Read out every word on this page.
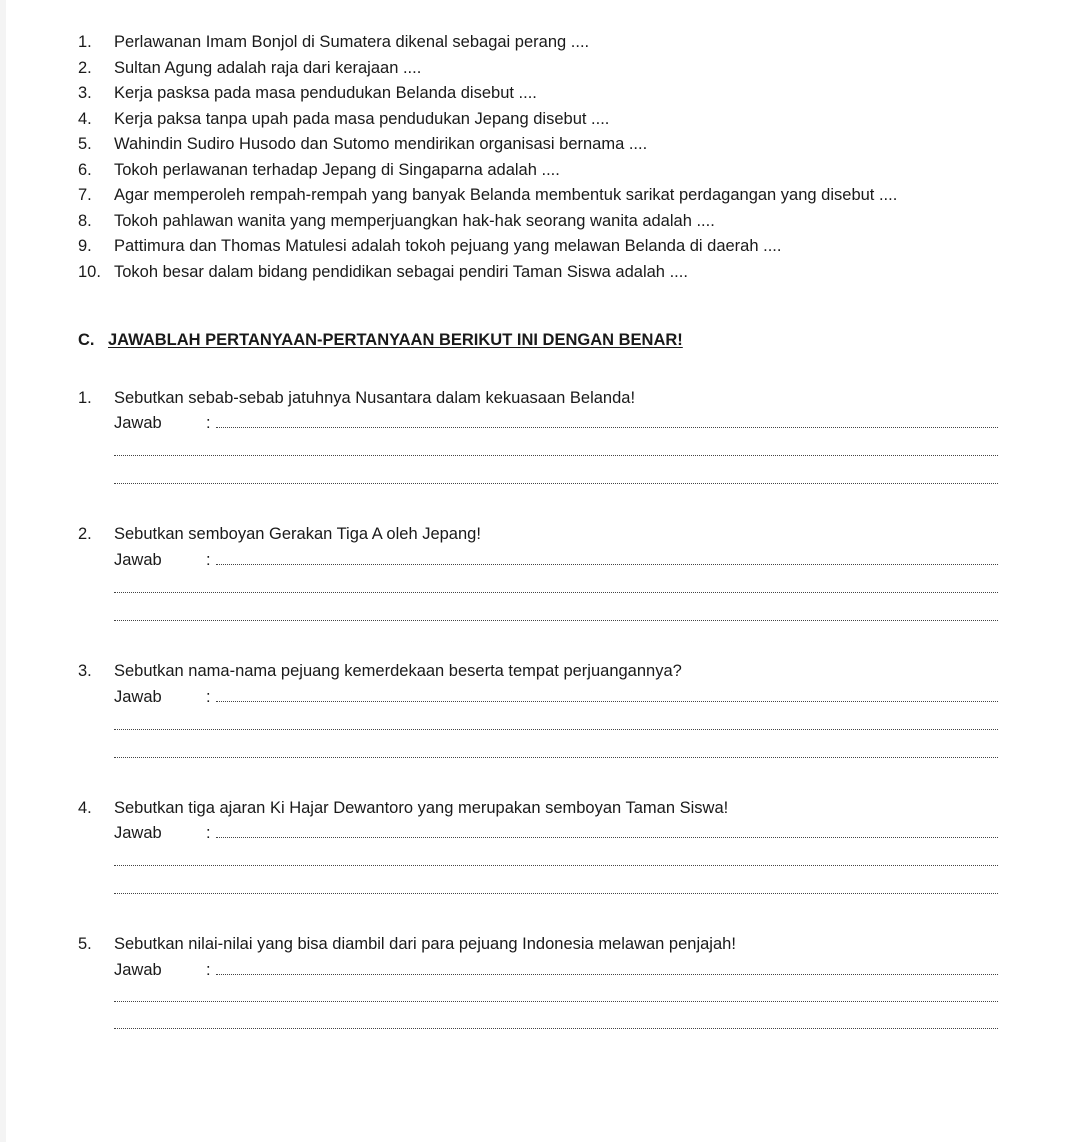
1.	Perlawanan Imam Bonjol di Sumatera dikenal sebagai perang ....
2.	Sultan Agung adalah raja dari kerajaan ....
3.	Kerja pasksa pada masa pendudukan Belanda disebut ....
4.	Kerja paksa tanpa upah pada masa pendudukan Jepang disebut ....
5.	Wahindin Sudiro Husodo dan Sutomo mendirikan organisasi bernama ....
6.	Tokoh perlawanan terhadap Jepang di Singaparna adalah ....
7.	Agar memperoleh rempah-rempah yang banyak Belanda membentuk sarikat perdagangan yang disebut ....
8.	Tokoh pahlawan wanita yang memperjuangkan hak-hak seorang wanita adalah ....
9.	Pattimura dan Thomas Matulesi adalah tokoh pejuang yang melawan Belanda di daerah ....
10. Tokoh besar dalam bidang pendidikan sebagai pendiri Taman Siswa adalah ....
C. JAWABLAH PERTANYAAN-PERTANYAAN BERIKUT INI DENGAN BENAR!
1. Sebutkan sebab-sebab jatuhnya Nusantara dalam kekuasaan Belanda!
Jawab	:
2. Sebutkan semboyan Gerakan Tiga A oleh Jepang!
Jawab	:
3. Sebutkan nama-nama pejuang kemerdekaan beserta tempat perjuangannya?
Jawab	:
4. Sebutkan tiga ajaran Ki Hajar Dewantoro yang merupakan semboyan Taman Siswa!
Jawab	:
5. Sebutkan nilai-nilai yang bisa diambil dari para pejuang Indonesia melawan penjajah!
Jawab	:
